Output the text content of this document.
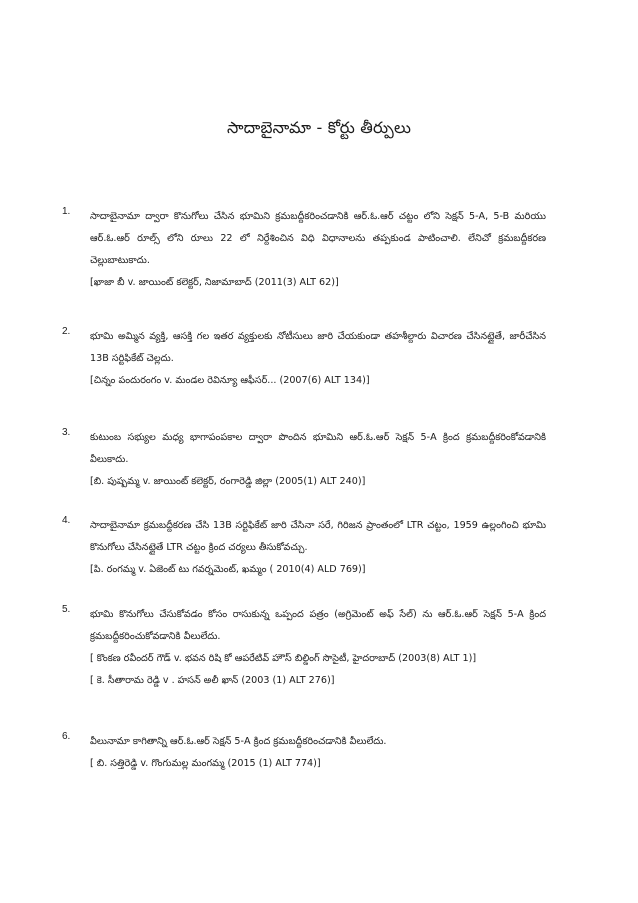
సాదాబైనామా - కోర్టు తీర్పులు
1. సాదాబైనామా ద్వారా కొనుగోలు చేసిన భూమిని క్రమబద్దీకరించడానికి ఆర్.ఓ.ఆర్ చట్టం లోని సెక్షన్ 5-A, 5-B మరియు ఆర్.ఓ.ఆర్ రూల్స్ లోని రూలు 22 లో నిర్దేశించిన విధి విధానాలను తప్పకుండ పాటించాలి. లేనిచో క్రమబద్దీకరణ చెల్లుబాటుకాదు.

[ఖాజా బీ v. జాయింట్ కలెక్టర్, నిజామాబాద్ (2011(3) ALT 62)]

2. భూమి అమ్మిన వ్యక్తి, ఆసక్తి గల ఇతర వ్యక్తులకు నోటీసులు జారి చేయకుండా తహశీల్దారు విచారణ చేసినట్లైతే, జారీచేసిన 13B సర్టిఫికేట్ చెల్లదు.

[చిన్నం పందురంగం v. మండల రెవిన్యూ ఆఫీసర్... (2007(6) ALT 134)]

3. కుటుంబ సభ్యుల మధ్య భాగాపంపకాల ద్వారా పొందిన భూమిని ఆర్.ఓ.ఆర్ సెక్షన్ 5-A క్రింద క్రమబద్దీకరింకోవడానికి వీలుకాదు.

[బి. పుష్పమ్మ v. జాయింట్ కలెక్టర్, రంగారెడ్డి జిల్లా (2005(1) ALT 240)]

4. సాదాబైనామా క్రమబద్దీకరణ చేసి 13B సర్టిఫికేట్ జారి చేసినా సరే, గిరిజన ప్రాంతంలో LTR చట్టం, 1959 ఉల్లంగించి భూమి కొనుగోలు చేసినట్లైతే LTR చట్టం క్రింద చర్యలు తీసుకోవచ్చు.

[పి. రంగమ్మ v. ఏజెంట్ టు గవర్నమెంట్, ఖమ్మం ( 2010(4) ALD 769)]

5. భూమి కొనుగోలు చేసుకోవడం కోసం రాసుకున్న ఒప్పంద పత్రం (అగ్రిమెంట్ అఫ్ సేల్) ను ఆర్.ఓ.ఆర్ సెక్షన్ 5-A క్రింద క్రమబద్దీకరించుకోవడానికి వీలులేదు.

[ కొంకణ రవీందర్ గౌడ్ v. భవన రిషి కో ఆపరేటివ్ హౌస్ బిల్డింగ్ సొసైటీ, హైదరాబాద్ (2003(8) ALT 1)]

[ కె. సీతారామ రెడ్డి v . హసన్ అలీ ఖాన్ (2003 (1) ALT 276)]

6. వీలునామా కాగితాన్ని ఆర్.ఓ.ఆర్ సెక్షన్ 5-A క్రింద క్రమబద్దీకరించడానికి వీలులేదు.

[ బి. సత్తిరెడ్డి v. గొంగుమల్ల మంగమ్మ (2015 (1) ALT 774)]
